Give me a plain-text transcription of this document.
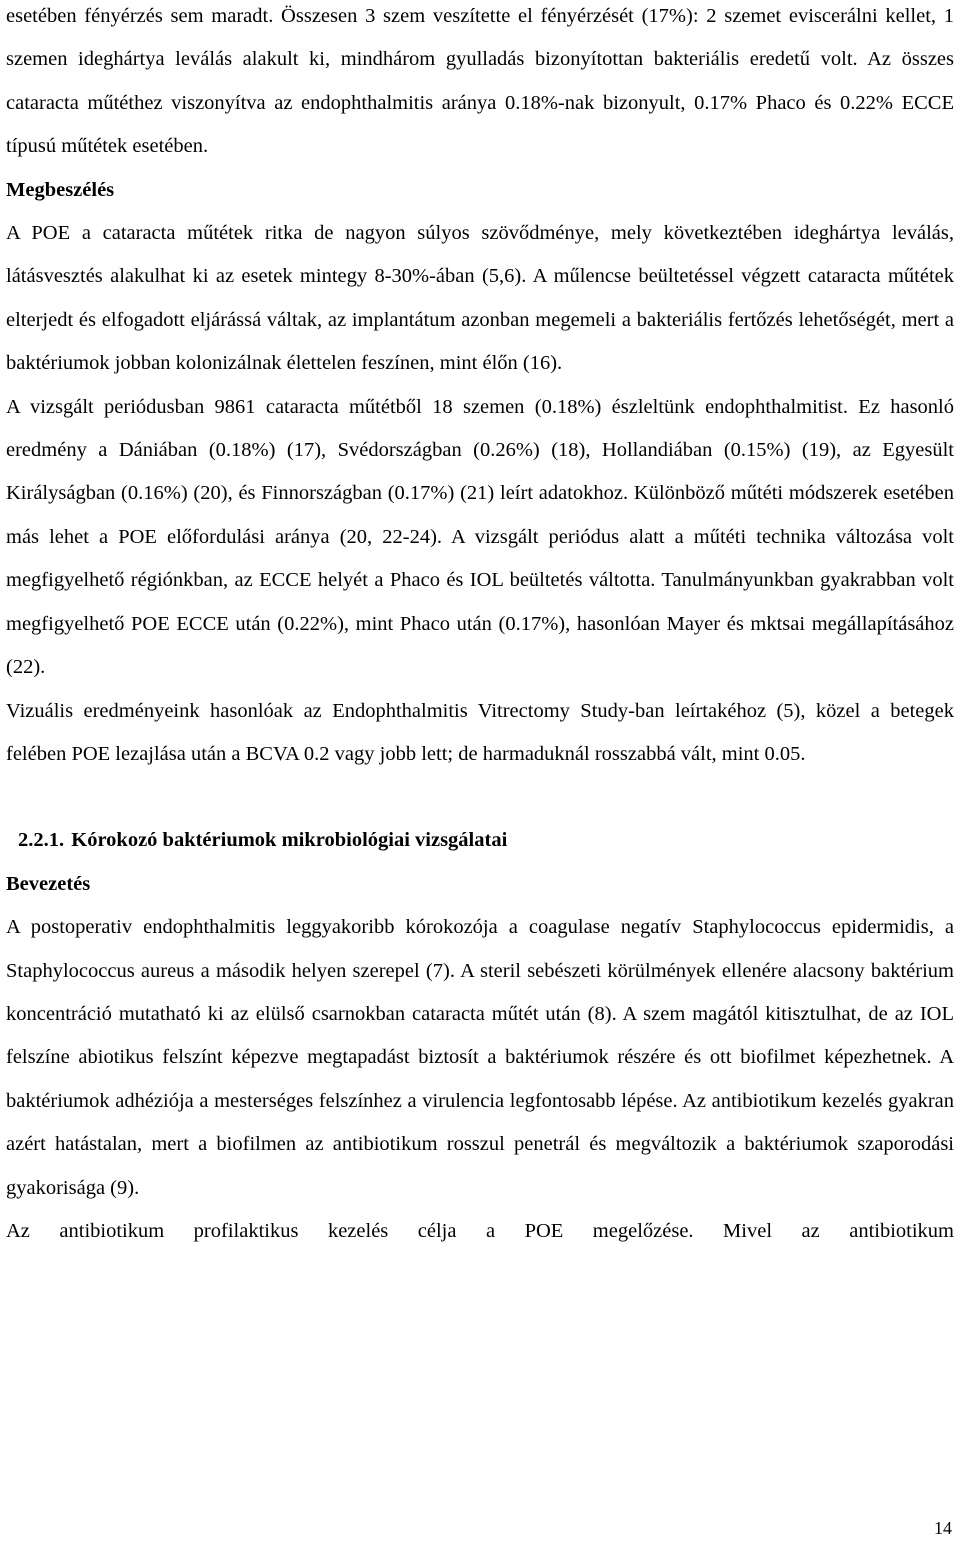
esetében fényérzés sem maradt. Összesen 3 szem veszítette el fényérzését (17%): 2 szemet eviscerálni kellet, 1 szemen ideghártya leválás alakult ki, mindhárom gyulladás bizonyítottan bakteriális eredetű volt. Az összes cataracta műtéthez viszonyítva az endophthalmitis aránya 0.18%-nak bizonyult, 0.17% Phaco és 0.22% ECCE típusú műtétek esetében.

Megbeszélés

A POE a cataracta műtétek ritka de nagyon súlyos szövődménye, mely következtében ideghártya leválás, látásvesztés alakulhat ki az esetek mintegy 8-30%-ában (5,6). A műlencse beültetéssel végzett cataracta műtétek elterjedt és elfogadott eljárássá váltak, az implantátum azonban megemeli a bakteriális fertőzés lehetőségét, mert a baktériumok jobban kolonizálnak élettelen feszínen, mint élőn (16).

A vizsgált periódusban 9861 cataracta műtétből 18 szemen (0.18%) észleltünk endophthalmitist. Ez hasonló eredmény a Dániában (0.18%) (17), Svédországban (0.26%) (18), Hollandiában (0.15%) (19), az Egyesült Királyságban (0.16%) (20), és Finnországban (0.17%) (21) leírt adatokhoz. Különböző műtéti módszerek esetében más lehet a POE előfordulási aránya (20, 22-24). A vizsgált periódus alatt a műtéti technika változása volt megfigyelhető régiónkban, az ECCE helyét a Phaco és IOL beültetés váltotta. Tanulmányunkban gyakrabban volt megfigyelhető POE ECCE után (0.22%), mint Phaco után (0.17%), hasonlóan Mayer és mktsai megállapításához (22).

Vizuális eredményeink hasonlóak az Endophthalmitis Vitrectomy Study-ban leírtakéhoz (5), közel a betegek felében POE lezajlása után a BCVA 0.2 vagy jobb lett; de harmaduknál rosszabbá vált, mint 0.05.

2.2.1. Kórokozó baktériumok mikrobiológiai vizsgálatai
Bevezetés

A postoperativ endophthalmitis leggyakoribb kórokozója a coagulase negatív Staphylococcus epidermidis, a Staphylococcus aureus a második helyen szerepel (7). A steril sebészeti körülmények ellenére alacsony baktérium koncentráció mutatható ki az elülső csarnokban cataracta műtét után (8). A szem magától kitisztulhat, de az IOL felszíne abiotikus felszínt képezve megtapadást biztosít a baktériumok részére és ott biofilmet képezhetnek. A baktériumok adhéziója a mesterséges felszínhez a virulencia legfontosabb lépése. Az antibiotikum kezelés gyakran azért hatástalan, mert a biofilmen az antibiotikum rosszul penetrál és megváltozik a baktériumok szaporodási gyakorisága (9).

Az antibiotikum profilaktikus kezelés célja a POE megelőzése. Mivel az antibiotikum

14
